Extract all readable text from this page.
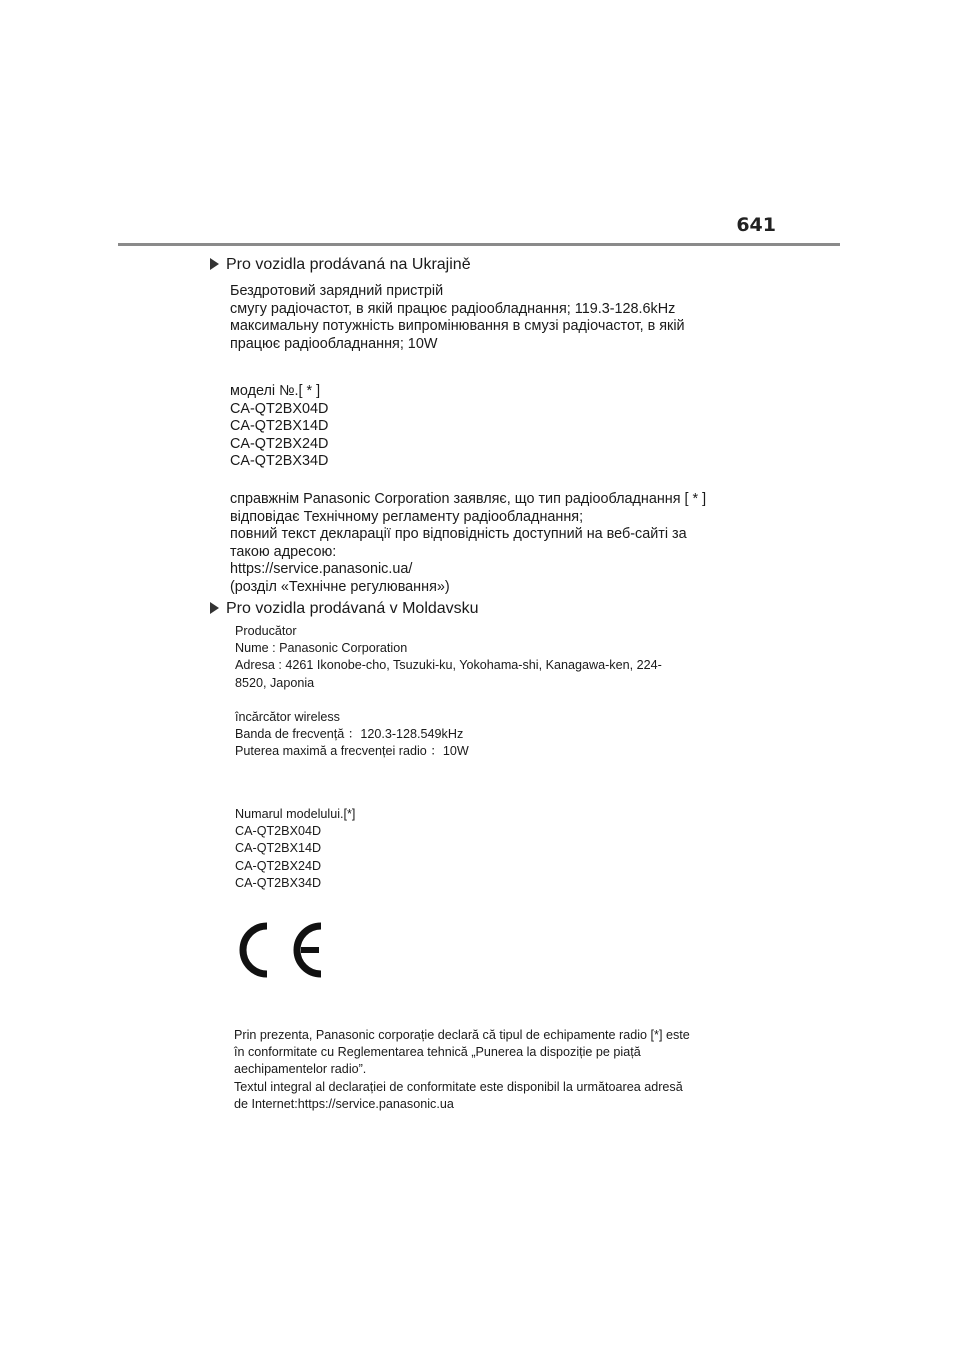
641
Pro vozidla prodávaná na Ukrajině
Бездротовий зарядний пристрій
смугу радіочастот, в якій працює радіообладнання; 119.3-128.6kHz
максимальну потужність випромінювання в смузі радіочастот, в якій
працює радіообладнання; 10W
моделі №.[ * ]
CA-QT2BX04D
CA-QT2BX14D
CA-QT2BX24D
CA-QT2BX34D
справжнім Panasonic Corporation заявляє, що тип радіообладнання [ * ]
відповідає Технічному регламенту радіообладнання;
повний текст декларації про відповідність доступний на веб-сайті за
такою адресою:
https://service.panasonic.ua/
(розділ «Технічне регулювання»)
Pro vozidla prodávaná v Moldavsku
Producător
Nume : Panasonic Corporation
Adresa : 4261 Ikonobe-cho, Tsuzuki-ku, Yokohama-shi, Kanagawa-ken, 224-
8520, Japonia
încărcător wireless
Banda de frecvență ：120.3-128.549kHz
Puterea maximă a frecvenței radio ：10W
Numarul modelului.[*]
CA-QT2BX04D
CA-QT2BX14D
CA-QT2BX24D
CA-QT2BX34D
Prin prezenta, Panasonic corporație declară că tipul de echipamente radio [*] este
în conformitate cu Reglementarea tehnică „Punerea la dispoziție pe piață
aechipamentelor radio”.
Textul integral al declarației de conformitate este disponibil la următoarea adresă
de Internet:https://service.panasonic.ua
